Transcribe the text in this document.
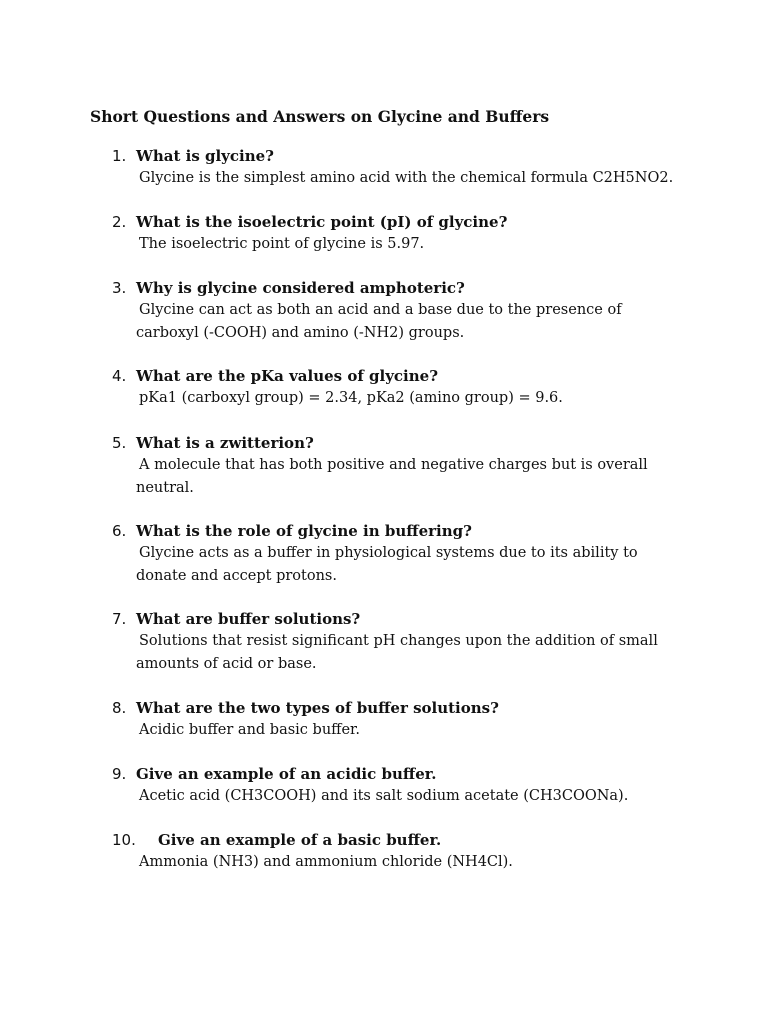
Short Questions and Answers on Glycine and Buffers
1. What is glycine?
Glycine is the simplest amino acid with the chemical formula C2H5NO2.
2. What is the isoelectric point (pI) of glycine?
The isoelectric point of glycine is 5.97.
3. Why is glycine considered amphoteric?
Glycine can act as both an acid and a base due to the presence of carboxyl (-COOH) and amino (-NH2) groups.
4. What are the pKa values of glycine?
pKa1 (carboxyl group) = 2.34, pKa2 (amino group) = 9.6.
5. What is a zwitterion?
A molecule that has both positive and negative charges but is overall neutral.
6. What is the role of glycine in buffering?
Glycine acts as a buffer in physiological systems due to its ability to donate and accept protons.
7. What are buffer solutions?
Solutions that resist significant pH changes upon the addition of small amounts of acid or base.
8. What are the two types of buffer solutions?
Acidic buffer and basic buffer.
9. Give an example of an acidic buffer.
Acetic acid (CH3COOH) and its salt sodium acetate (CH3COONa).
10. Give an example of a basic buffer.
Ammonia (NH3) and ammonium chloride (NH4Cl).
